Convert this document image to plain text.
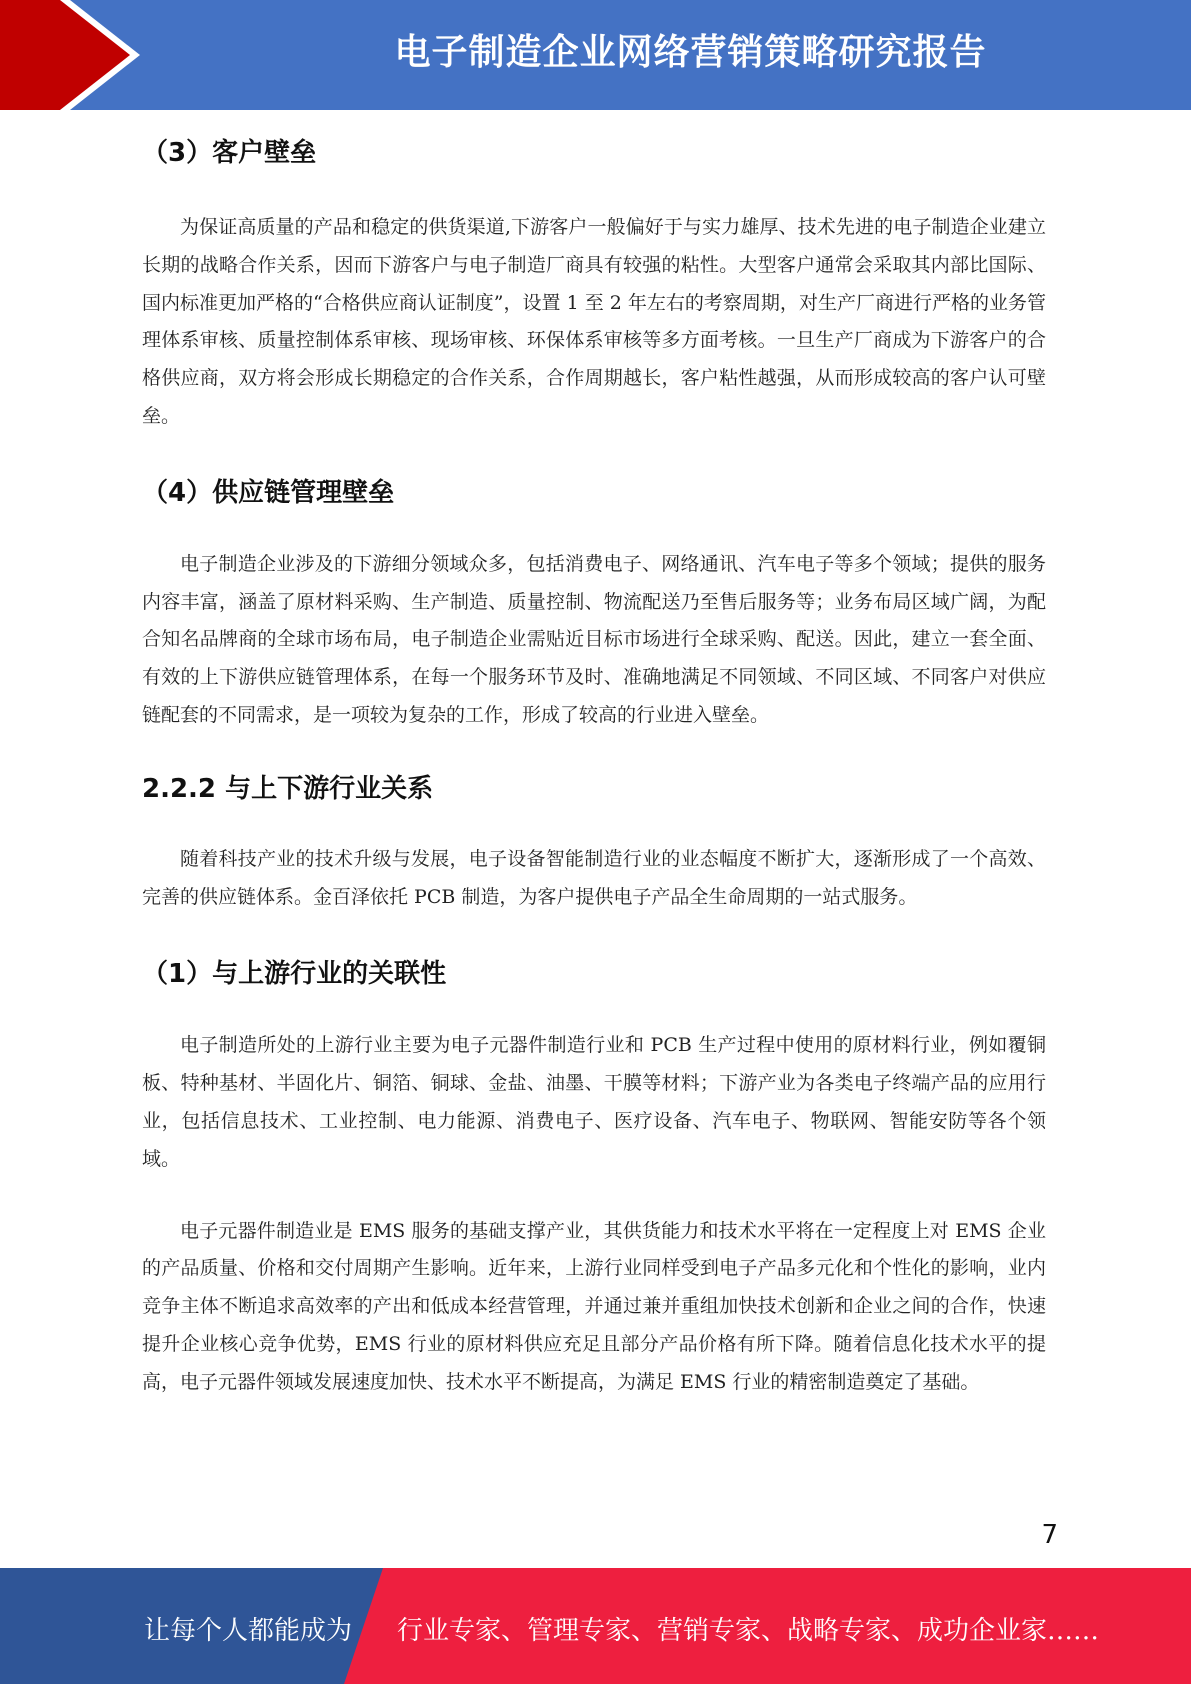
电子制造企业网络营销策略研究报告
（3）客户壁垒

为保证高质量的产品和稳定的供货渠道,下游客户一般偏好于与实力雄厚、技术先进的电子制造企业建立长期的战略合作关系，因而下游客户与电子制造厂商具有较强的粘性。大型客户通常会采取其内部比国际、国内标准更加严格的“合格供应商认证制度”，设置 1 至 2 年左右的考察周期，对生产厂商进行严格的业务管理体系审核、质量控制体系审核、现场审核、环保体系审核等多方面考核。一旦生产厂商成为下游客户的合格供应商，双方将会形成长期稳定的合作关系，合作周期越长，客户粘性越强，从而形成较高的客户认可壁垒。

（4）供应链管理壁垒

电子制造企业涉及的下游细分领域众多，包括消费电子、网络通讯、汽车电子等多个领域；提供的服务内容丰富，涵盖了原材料采购、生产制造、质量控制、物流配送乃至售后服务等；业务布局区域广阔，为配合知名品牌商的全球市场布局，电子制造企业需贴近目标市场进行全球采购、配送。因此，建立一套全面、有效的上下游供应链管理体系，在每一个服务环节及时、准确地满足不同领域、不同区域、不同客户对供应链配套的不同需求，是一项较为复杂的工作，形成了较高的行业进入壁垒。

2.2.2 与上下游行业关系

随着科技产业的技术升级与发展，电子设备智能制造行业的业态幅度不断扩大，逐渐形成了一个高效、完善的供应链体系。金百泽依托 PCB 制造，为客户提供电子产品全生命周期的一站式服务。

（1）与上游行业的关联性

电子制造所处的上游行业主要为电子元器件制造行业和 PCB 生产过程中使用的原材料行业，例如覆铜板、特种基材、半固化片、铜箔、铜球、金盐、油墨、干膜等材料；下游产业为各类电子终端产品的应用行业，包括信息技术、工业控制、电力能源、消费电子、医疗设备、汽车电子、物联网、智能安防等各个领域。

电子元器件制造业是 EMS 服务的基础支撑产业，其供货能力和技术水平将在一定程度上对 EMS 企业的产品质量、价格和交付周期产生影响。近年来，上游行业同样受到电子产品多元化和个性化的影响，业内竞争主体不断追求高效率的产出和低成本经营管理，并通过兼并重组加快技术创新和企业之间的合作，快速提升企业核心竞争优势，EMS 行业的原材料供应充足且部分产品价格有所下降。随着信息化技术水平的提高，电子元器件领域发展速度加快、技术水平不断提高，为满足 EMS 行业的精密制造奠定了基础。

7
让每个人都能成为 行业专家、管理专家、营销专家、战略专家、成功企业家……
